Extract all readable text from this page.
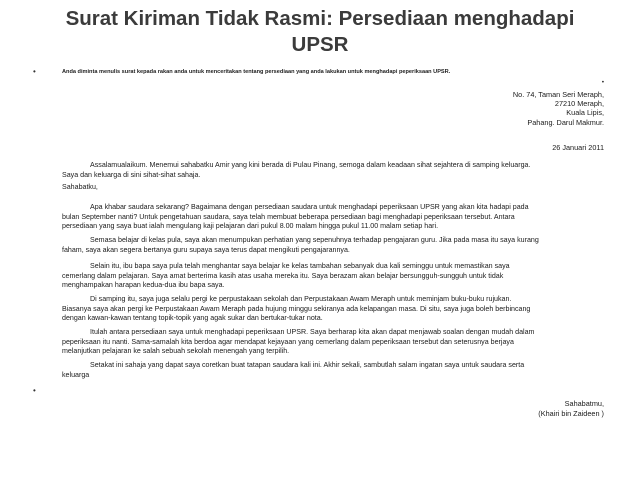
Surat Kiriman Tidak Rasmi: Persediaan menghadapi UPSR
•	Anda diminta menulis surat kepada rakan anda untuk menceritakan tentang persediaan yang anda lakukan untuk menghadapi peperiksaan UPSR.
•
No. 74, Taman Seri Meraph,
27210 Meraph,
Kuala Lipis,
Pahang. Darul Makmur.
26 Januari 2011
Assalamualaikum. Menemui sahabatku Amir yang kini berada di Pulau Pinang, semoga dalam keadaan sihat sejahtera di samping keluarga.
Saya dan keluarga di sini sihat-sihat sahaja.
Sahabatku,
Apa khabar saudara sekarang? Bagaimana dengan persediaan saudara untuk menghadapi peperiksaan UPSR yang akan kita hadapi pada
bulan September nanti? Untuk pengetahuan saudara, saya telah membuat beberapa persediaan bagi menghadapi peperiksaan tersebut. Antara
persediaan yang saya buat ialah mengulang kaji pelajaran dari pukul 8.00 malam hingga pukul 11.00 malam setiap hari.
Semasa belajar di kelas pula, saya akan menumpukan perhatian yang sepenuhnya terhadap pengajaran guru. Jika pada masa itu saya kurang
faham, saya akan segera bertanya guru supaya saya terus dapat mengikuti pengajarannya.
Selain itu, ibu bapa saya pula telah menghantar saya belajar ke kelas tambahan sebanyak dua kali seminggu untuk memastikan saya
cemerlang dalam pelajaran. Saya amat berterima kasih atas usaha mereka itu. Saya berazam akan belajar bersungguh-sungguh untuk tidak
menghampakan harapan kedua-dua ibu bapa saya.
Di samping itu, saya juga selalu pergi ke perpustakaan sekolah dan Perpustakaan Awam Meraph untuk meminjam buku-buku rujukan.
Biasanya saya akan pergi ke Perpustakaan Awam Meraph pada hujung minggu sekiranya ada kelapangan masa. Di situ, saya juga boleh berbincang
dengan kawan-kawan tentang topik-topik yang agak sukar dan bertukar-tukar nota.
Itulah antara persediaan saya untuk menghadapi peperiksaan UPSR. Saya berharap kita akan dapat menjawab soalan dengan mudah dalam
peperiksaan itu nanti. Sama-samalah kita berdoa agar mendapat kejayaan yang cemerlang dalam peperiksaan tersebut dan seterusnya berjaya
melanjutkan pelajaran ke salah sebuah sekolah menengah yang terpilih.
Setakat ini sahaja yang dapat saya coretkan buat tatapan saudara kali ini. Akhir sekali, sambutlah salam ingatan saya untuk saudara serta
keluarga
•
Sahabatmu,
(Khairi bin Zaideen )
